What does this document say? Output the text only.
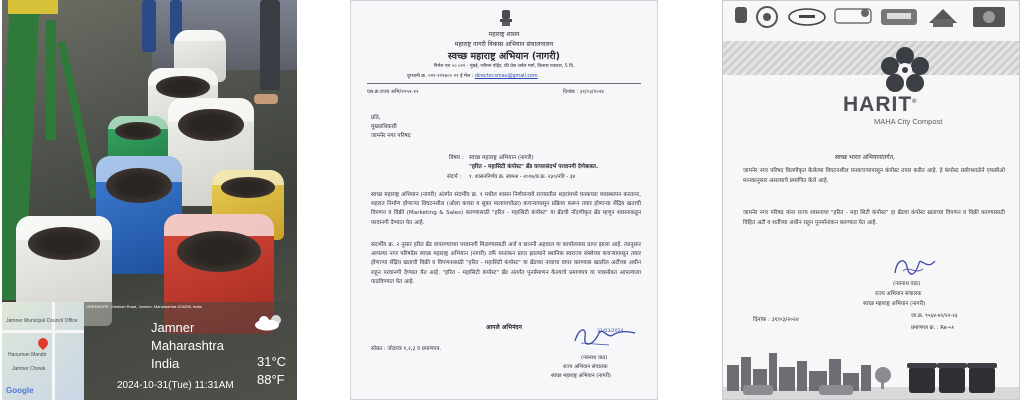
Jamner Municipal Council Office
Hanuman Mandir
Jamner Chowk
Google
GREENOPE, Santosh Road, Jamner, Maharashtra 424206, India
Jamner
Maharashtra
India
2024-10-31(Tue) 11:31AM
31°C
88°F
महाराष्ट्र शासन
महाराष्ट्र नागरी विकास अभियान संचालनालय
स्वच्छ महाराष्ट्र अभियान (नागरी)
निर्मल एल ०० ०२१ - मुंबई, नरीमन पॉईंट, फ्री प्रेस जर्नल मार्ग, विलास पत्रकार, 5 वि,
दूरध्वनी क्र. ०२२ २२९७०० २१ ई मेल : director.smau@gmail.com
एस.क्र.राज्य अभि/२१५१-१२	दिनांक : ३१/०३/२०२४
प्रति,
मुख्याधिकारी
जामनेर नगर परिषद
विषय : स्वच्छ महाराष्ट्र अभियान (नागरी)
"हरित - महासिटी कंपोस्ट" ब्रँड वापरासंदर्भ परवानगी देणेबाबत.
संदर्भ : १. शासननिर्णय क्र. स्वमअ - २०१७/प्र.क्र. २३०/नवि - ३४
स्वच्छ महाराष्ट्र अभियान (नागरी) अंतर्गत संदर्भीय क्र. १ मधील शासन निर्णयान्वये राज्यातील शहरांमध्ये घनकचरा व्यवस्थापन करताना, शहरात निर्माण होणाऱ्या विघटनशील (ओला कचरा व सुका पालापाचोळा) कचऱ्यापासून प्रक्रिया करून तयार होणाऱ्या सेंद्रिय खताची विपणन व विक्री (Marketing & Sales) करण्यासाठी "हरित - महासिटी कंपोस्ट" या ब्रँडची नोंदणीकृत ब्रँड म्हणून शासनाकडून परवानगी देण्यात येत आहे.
संदर्भीय क्र. २ नुसार हरित ब्रँड वापरण्याच्या परवानगी मिळण्यासाठी अर्ज व छाननी अहवाल या कार्यालयास प्राप्त झाला आहे. त्यानुसार आपल्या नगर परिषदेस स्वच्छ महाराष्ट्र अभियान (नागरी) तर्फे मानांकन प्राप्त झाल्याने स्थानिक स्वराज्य संस्थेच्या कचऱ्यापासून तयार होणाऱ्या सेंद्रिय खताची विक्री व विपणनासाठी "हरित - महासिटी कंपोस्ट" या ब्रँडच्या नावाचा वापर करण्यास खालील अटींच्या अधीन राहून परवानगी देण्यात येत आहे. "हरित - महासिटी कंपोस्ट" ब्रँड अंतर्गत पुनर्प्रमाणन केल्याचे प्रमाणपत्र या पत्रासोबत आपल्याला पाठविण्यात येत आहे.
आपले अभिनंदन
31/03/2024
(नवनाथ वाठ)
राज्य अभियान संचालक
स्वच्छ महाराष्ट्र अभियान (नागरी)
सोबत : जोडपत्र १,२,३ व प्रमाणपत्र.
HARIT®
MAHA City Compost
स्वच्छ भारत अभियानांतर्गत,
जामनेर नगर परिषद विलगीकृत केलेल्या विघटनशील घनकचऱ्यापासून कंपोस्ट तयार करीत आहे. हे कंपोस्ट प्रयोगशाळेने एफसीओ मानकानुसार असल्याचे प्रमाणित केले आहे.
जामनेर नगर परिषद यांना राज्य शासनाचा "हरित - महा सिटी कंपोस्ट" हा ब्रँडचा कंपोस्ट खताच्या विपणन व विक्री करण्यासाठी विहित अटी व शर्तीच्या अधीन राहून पुनर्मानांकन करण्यात येत आहे.
(नवनाथ वाठ)
राज्य अभियान संचालक
स्वच्छ महाराष्ट्र अभियान (नागरी)
दिनांक : ३१/०३/२०२४
जा.क्र. ९५६४-४२/२२-२३
प्रमाणपत्र क्र. : Re-५१
